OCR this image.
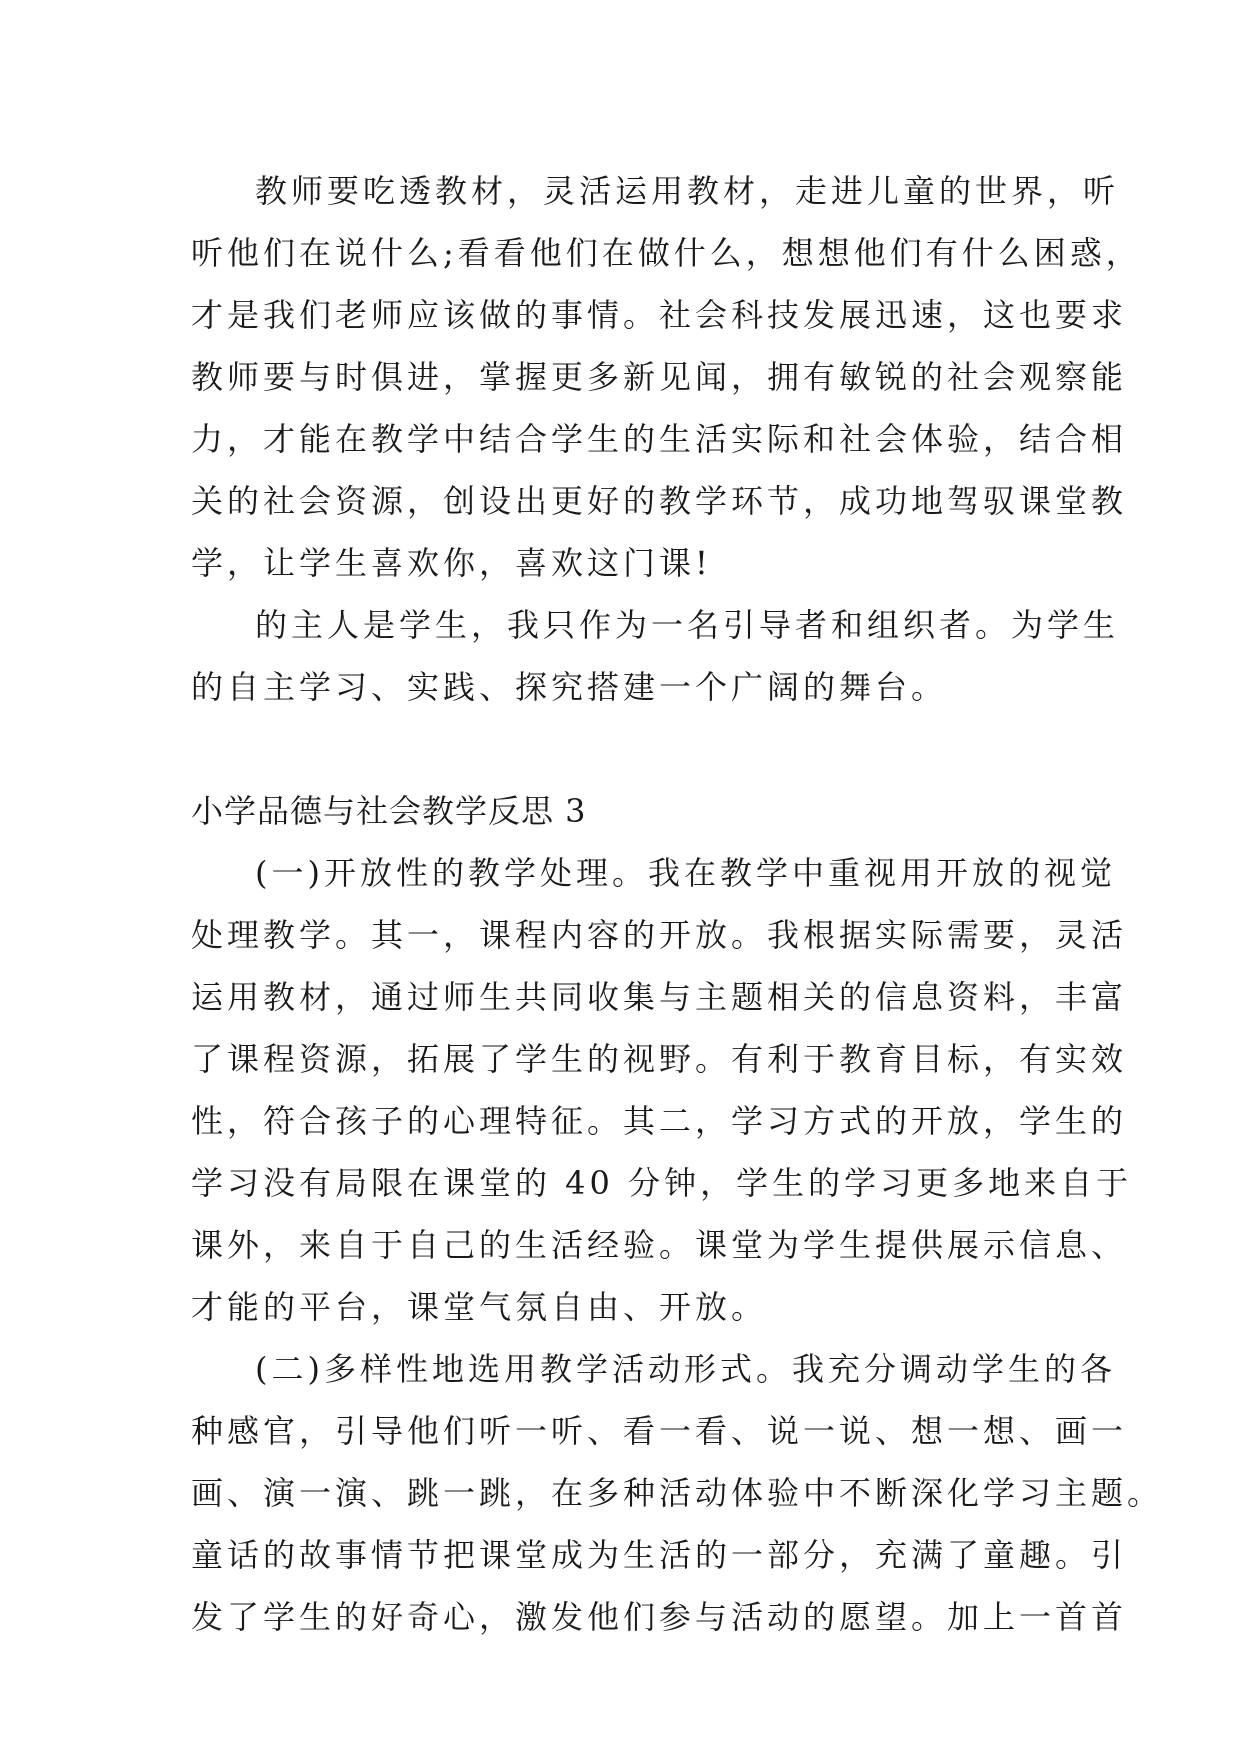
教师要吃透教材，灵活运用教材，走进儿童的世界，听
听他们在说什么;看看他们在做什么，想想他们有什么困惑，
才是我们老师应该做的事情。社会科技发展迅速，这也要求
教师要与时俱进，掌握更多新见闻，拥有敏锐的社会观察能
力，才能在教学中结合学生的生活实际和社会体验，结合相
关的社会资源，创设出更好的教学环节，成功地驾驭课堂教
学，让学生喜欢你，喜欢这门课!
的主人是学生，我只作为一名引导者和组织者。为学生
的自主学习、实践、探究搭建一个广阔的舞台。
小学品德与社会教学反思 3
(一)开放性的教学处理。我在教学中重视用开放的视觉
处理教学。其一，课程内容的开放。我根据实际需要，灵活
运用教材，通过师生共同收集与主题相关的信息资料，丰富
了课程资源，拓展了学生的视野。有利于教育目标，有实效
性，符合孩子的心理特征。其二，学习方式的开放，学生的
学习没有局限在课堂的 40 分钟，学生的学习更多地来自于
课外，来自于自己的生活经验。课堂为学生提供展示信息、
才能的平台，课堂气氛自由、开放。
(二)多样性地选用教学活动形式。我充分调动学生的各
种感官，引导他们听一听、看一看、说一说、想一想、画一
画、演一演、跳一跳，在多种活动体验中不断深化学习主题。
童话的故事情节把课堂成为生活的一部分，充满了童趣。引
发了学生的好奇心，激发他们参与活动的愿望。加上一首首
